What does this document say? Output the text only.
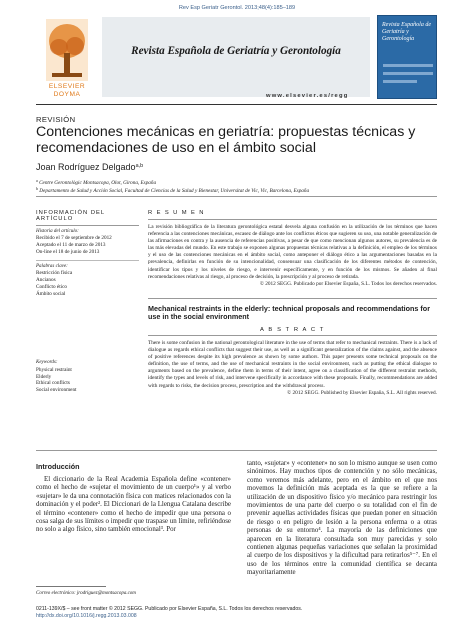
Rev Esp Geriatr Gerontol. 2013;48(4):185–189
ELSEVIER
DOYMA
Revista Española de Geriatría y Gerontología
www.elsevier.es/regg
Revista Española de Geriatría y Gerontología
REVISIÓN
Contenciones mecánicas en geriatría: propuestas técnicas y recomendaciones de uso en el ámbito social
Joan Rodríguez Delgado$^{a,b}$
$^a$ Centre Gerontològic Montsacopa, Olot, Girona, España
$^b$ Departamento de Salud y Acción Social, Facultad de Ciencias de la Salud y Bienestar, Universitat de Vic, Vic, Barcelona, España
INFORMACIÓN DEL ARTÍCULO
Historia del artículo:
Recibido el 7 de septiembre de 2012
Aceptado el 11 de marzo de 2013
On-line el 18 de junio de 2013
Palabras clave:
Restricción física
Ancianos
Conflicto ético
Ámbito social
Keywords:
Physical restraint
Elderly
Ethical conflicts
Social environment
R E S U M E N
La revisión bibliográfica de la literatura gerontológica estatal desvela alguna confusión en la utilización de los términos que hacen referencia a las contenciones mecánicas, escasez de diálogo ante los conflictos éticos que sugieren su uso, una notable generalización de las afirmaciones en contra y la ausencia de referencias positivas, a pesar de que como mencionan algunos autores, su prevalencia es de las más elevadas del mundo. En este trabajo se exponen algunas propuestas técnicas relativas a la definición, el empleo de los términos y el uso de las contenciones mecánicas en el ámbito social, como anteponer el diálogo ético a las argumentaciones basadas en la prevalencia, definirlas en función de su intencionalidad, consensuar una clasificación de los diferentes métodos de contención, identificar los tipos y los niveles de riesgo, e intervenir específicamente, y en función de los mismos. Se añaden al final recomendaciones relativas al riesgo, al proceso de decisión, la prescripción y al proceso de retirada.
© 2012 SEGG. Publicado por Elsevier España, S.L. Todos los derechos reservados.
Mechanical restraints in the elderly: technical proposals and recommendations for use in the social environment
A B S T R A C T
There is some confusion in the national gerontological literature in the use of terms that refer to mechanical restraints. There is a lack of dialogue as regards ethical conflicts that suggest their use, as well as a significant generalization of the claims against, and the absence of positive references despite its high prevalence as shown by some authors. This paper presents some technical proposals on the definition, the use of terms, and the use of mechanical restraints in the social environment, such as putting the ethical dialogue to arguments based on the prevalence, define them in terms of their intent, agree on a classification of the different restraint methods, identify the types and levels of risk, and intervene specifically in accordance with these proposals. Finally, recommendations are added with regards to risks, the decision process, prescription and the withdrawal process.
© 2012 SEGG. Published by Elsevier España, S.L. All rights reserved.
Introducción
El diccionario de la Real Academia Española define «contener» como el hecho de «sujetar el movimiento de un cuerpo¹» y al verbo «sujetar» le da una connotación física con matices relacionados con la dominación y el poder². El Diccionari de la Llengua Catalana describe el término «contener» como el hecho de impedir que una persona o cosa salga de sus límites o impedir que traspase un límite, refiriéndose no solo a algo físico, sino también emocional³. Por
tanto, «sujetar» y «contener» no son lo mismo aunque se usen como sinónimos. Hay muchos tipos de contención y no sólo mecánicas, como veremos más adelante, pero en el ámbito en el que nos movemos la definición más aceptada es la que se refiere a la utilización de un dispositivo físico y/o mecánico para restringir los movimientos de una parte del cuerpo o su totalidad con el fin de prevenir aquellas actividades físicas que puedan poner en situación de riesgo o en peligro de lesión a la persona enferma o a otras personas de su entorno⁴. La mayoría de las definiciones que aparecen en la literatura consultada son muy parecidas y solo contienen algunas pequeñas variaciones que señalan la proximidad al cuerpo de los dispositivos y la dificultad para retirarlos⁵⁻⁷. En el uso de los términos entre la comunidad científica se decanta mayoritariamente
Correo electrónico: jrodriguez@montsacopa.com
0211-139X/$ – see front matter © 2012 SEGG. Publicado por Elsevier España, S.L. Todos los derechos reservados.
http://dx.doi.org/10.1016/j.regg.2013.03.008
